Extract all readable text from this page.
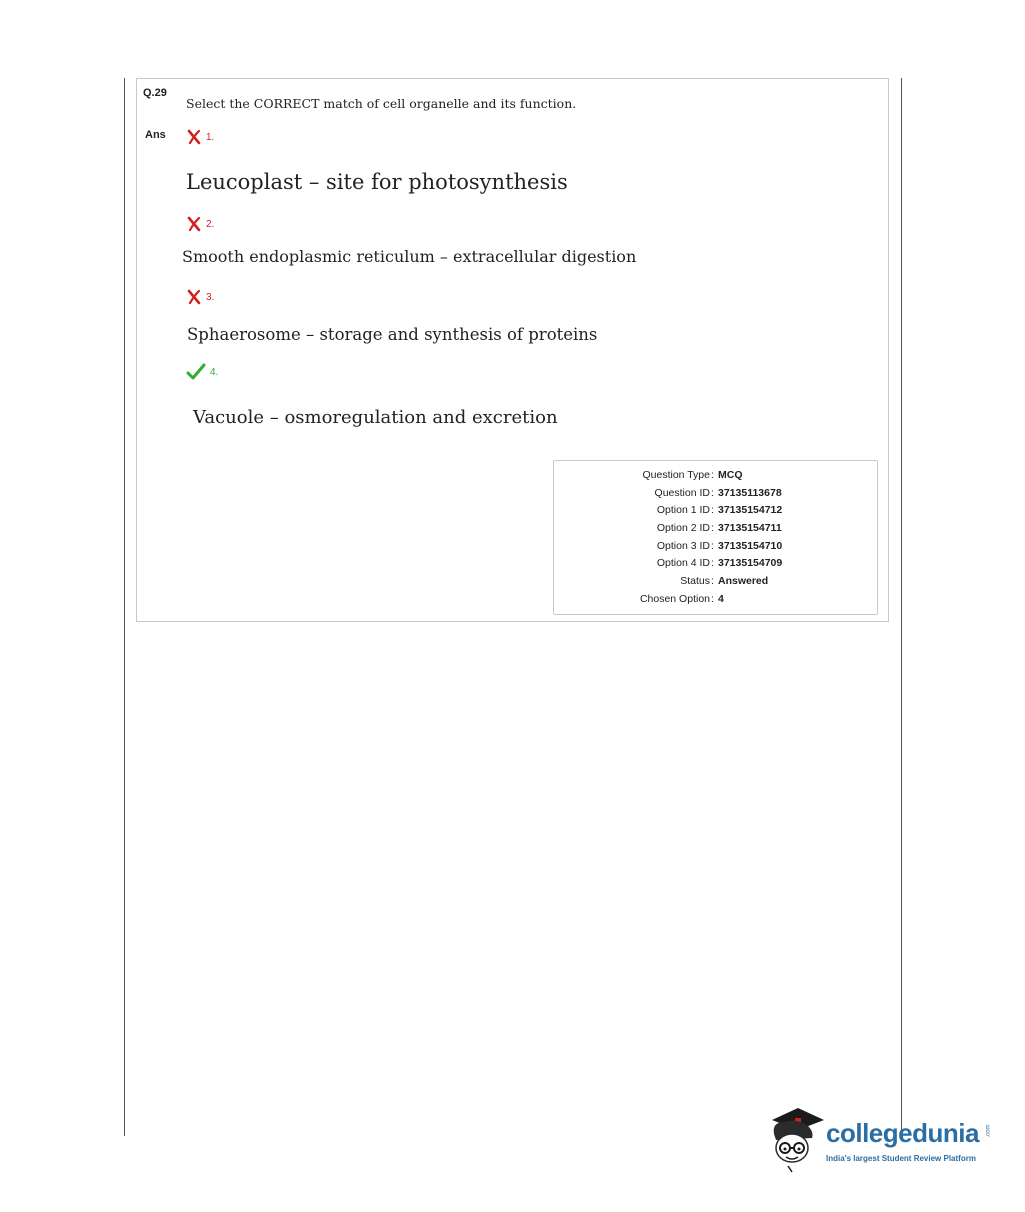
Q.29
Select the CORRECT match of cell organelle and its function.
Ans	1.
Leucoplast – site for photosynthesis
2.
Smooth endoplasmic reticulum – extracellular digestion
3.
Sphaerosome – storage and synthesis of proteins
4.
Vacuole – osmoregulation and excretion
Question Type : MCQ
Question ID : 37135113678
Option 1 ID : 37135154712
Option 2 ID : 37135154711
Option 3 ID : 37135154710
Option 4 ID : 37135154709
Status : Answered
Chosen Option : 4
collegedunia .com
India's largest Student Review Platform
